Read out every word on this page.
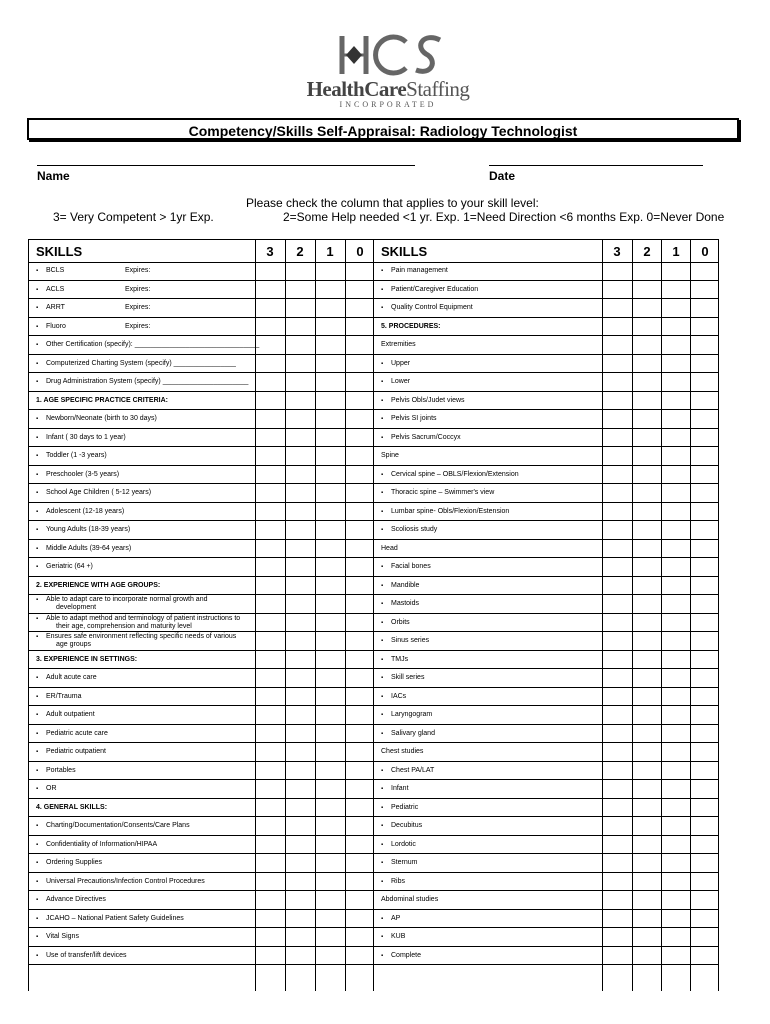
HealthCareStaffing
INCORPORATED
Competency/Skills Self-Appraisal: Radiology Technologist
Name	Date
Please check the column that applies to your skill level:
3= Very Competent > 1yr Exp.	2=Some Help needed <1 yr. Exp. 1=Need Direction <6 months Exp. 0=Never Done
SKILLS	3	2	1	0	SKILLS	3	2	1	0
▪ BCLS	Expires:	▪ Pain management
▪ ACLS	Expires:	▪ Patient/Caregiver Education
▪ ARRT	Expires:	▪ Quality Control Equipment
▪ Fluoro	Expires:	5. PROCEDURES:
▪ Other Certification (specify): ________________________________	Extremities
▪ Computerized Charting System (specify) ________________	▪ Upper
▪ Drug Administration System (specify) ______________________	▪ Lower
1. AGE SPECIFIC PRACTICE CRITERIA:	▪ Pelvis Obls/Judet views
▪ Newborn/Neonate (birth to 30 days)	▪ Pelvis SI joints
▪ Infant ( 30 days to 1 year)	▪ Pelvis Sacrum/Coccyx
▪ Toddler (1 -3 years)	Spine
▪ Preschooler (3-5 years)	▪ Cervical spine – OBLS/Flexion/Extension
▪ School Age Children ( 5-12 years)	▪ Thoracic spine – Swimmer's view
▪ Adolescent (12-18 years)	▪ Lumbar spine- Obls/Flexion/Estension
▪ Young Adults (18-39 years)	▪ Scoliosis study
▪ Middle Adults (39-64 years)	Head
▪ Geriatric (64 +)	▪ Facial bones
2. EXPERIENCE WITH AGE GROUPS:	▪ Mandible
▪ Able to adapt care to incorporate normal growth and
development	▪ Mastoids
▪ Able to adapt method and terminology of patient instructions to
their age, comprehension and maturity level	▪ Orbits
▪ Ensures safe environment reflecting specific needs of various
age groups	▪ Sinus series
3. EXPERIENCE IN SETTINGS:	▪ TMJs
▪ Adult acute care	▪ Skill series
▪ ER/Trauma	▪ IACs
▪ Adult outpatient	▪ Laryngogram
▪ Pediatric acute care	▪ Salivary gland
▪ Pediatric outpatient	Chest studies
▪ Portables	▪ Chest PA/LAT
▪ OR	▪ Infant
4. GENERAL SKILLS:	▪ Pediatric
▪ Charting/Documentation/Consents/Care Plans	▪ Decubitus
▪ Confidentiality of Information/HIPAA	▪ Lordotic
▪ Ordering Supplies	▪ Sternum
▪ Universal Precautions/Infection Control Procedures	▪ Ribs
▪ Advance Directives	Abdominal studies
▪ JCAHO – National Patient Safety Guidelines	▪ AP
▪ Vital Signs	▪ KUB
▪ Use of transfer/lift devices	▪ Complete
